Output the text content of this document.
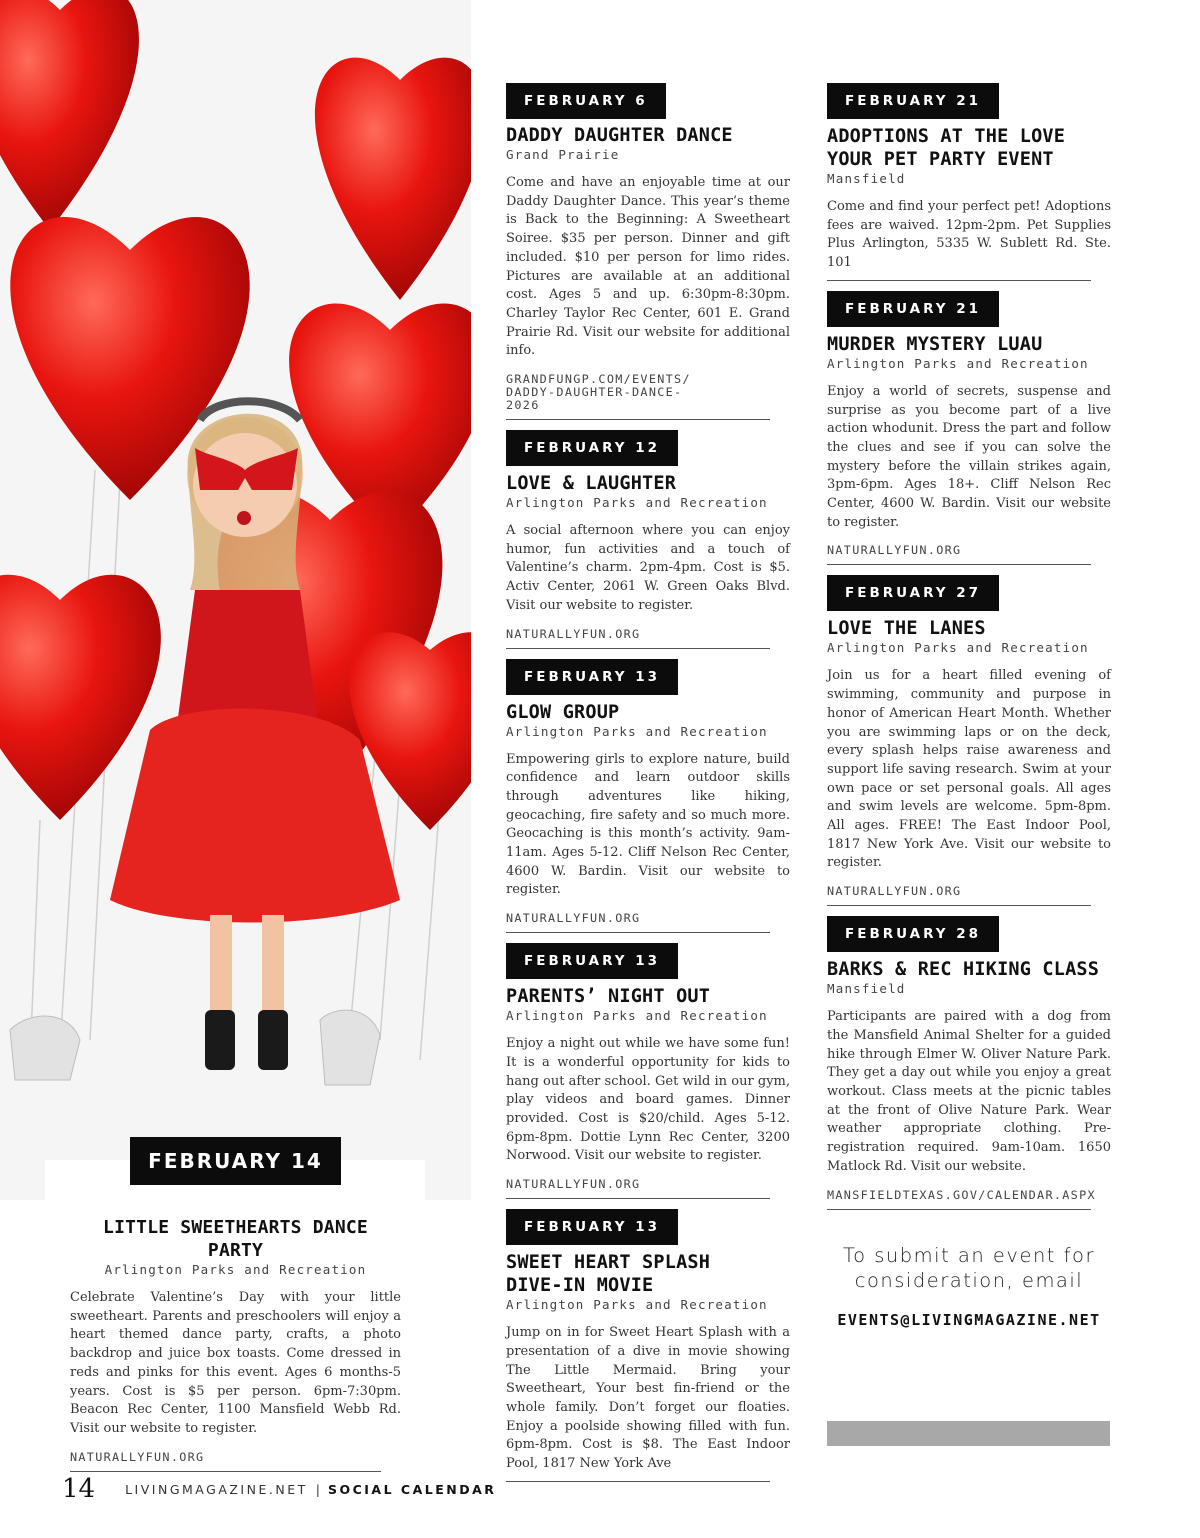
FEBRUARY 14
LITTLE SWEETHEARTS DANCE PARTY
Arlington Parks and Recreation
Celebrate Valentine’s Day with your little sweetheart. Parents and preschoolers will enjoy a heart themed dance party, crafts, a photo backdrop and juice box toasts. Come dressed in reds and pinks for this event. Ages 6 months-5 years. Cost is $5 per person. 6pm-7:30pm. Beacon Rec Center, 1100 Mansfield Webb Rd. Visit our website to register.
NATURALLYFUN.ORG
FEBRUARY 6
DADDY DAUGHTER DANCE
Grand Prairie
Come and have an enjoyable time at our Daddy Daughter Dance. This year’s theme is Back to the Beginning: A Sweetheart Soiree. $35 per person. Dinner and gift included. $10 per person for limo rides. Pictures are available at an additional cost. Ages 5 and up. 6:30pm-8:30pm. Charley Taylor Rec Center, 601 E. Grand Prairie Rd. Visit our website for additional info.
GRANDFUNGP.COM/EVENTS/ DADDY-DAUGHTER-DANCE-2026
FEBRUARY 12
LOVE & LAUGHTER
Arlington Parks and Recreation
A social afternoon where you can enjoy humor, fun activities and a touch of Valentine’s charm. 2pm-4pm. Cost is $5. Activ Center, 2061 W. Green Oaks Blvd. Visit our website to register.
NATURALLYFUN.ORG
FEBRUARY 13
GLOW GROUP
Arlington Parks and Recreation
Empowering girls to explore nature, build confidence and learn outdoor skills through adventures like hiking, geocaching, fire safety and so much more. Geocaching is this month’s activity. 9am-11am. Ages 5-12. Cliff Nelson Rec Center, 4600 W. Bardin. Visit our website to register.
NATURALLYFUN.ORG
FEBRUARY 13
PARENTS’ NIGHT OUT
Arlington Parks and Recreation
Enjoy a night out while we have some fun! It is a wonderful opportunity for kids to hang out after school. Get wild in our gym, play videos and board games. Dinner provided. Cost is $20/child. Ages 5-12. 6pm-8pm. Dottie Lynn Rec Center, 3200 Norwood. Visit our website to register.
NATURALLYFUN.ORG
FEBRUARY 13
SWEET HEART SPLASH DIVE-IN MOVIE
Arlington Parks and Recreation
Jump on in for Sweet Heart Splash with a presentation of a dive in movie showing The Little Mermaid. Bring your Sweetheart, Your best fin-friend or the whole family. Don’t forget our floaties. Enjoy a poolside showing filled with fun. 6pm-8pm. Cost is $8. The East Indoor Pool, 1817 New York Ave
FEBRUARY 21
ADOPTIONS AT THE LOVE YOUR PET PARTY EVENT
Mansfield
Come and find your perfect pet! Adoptions fees are waived. 12pm-2pm. Pet Supplies Plus Arlington, 5335 W. Sublett Rd. Ste. 101
FEBRUARY 21
MURDER MYSTERY LUAU
Arlington Parks and Recreation
Enjoy a world of secrets, suspense and surprise as you become part of a live action whodunit. Dress the part and follow the clues and see if you can solve the mystery before the villain strikes again, 3pm-6pm. Ages 18+. Cliff Nelson Rec Center, 4600 W. Bardin. Visit our website to register.
NATURALLYFUN.ORG
FEBRUARY 27
LOVE THE LANES
Arlington Parks and Recreation
Join us for a heart filled evening of swimming, community and purpose in honor of American Heart Month. Whether you are swimming laps or on the deck, every splash helps raise awareness and support life saving research. Swim at your own pace or set personal goals. All ages and swim levels are welcome. 5pm-8pm. All ages. FREE! The East Indoor Pool, 1817 New York Ave. Visit our website to register.
NATURALLYFUN.ORG
FEBRUARY 28
BARKS & REC HIKING CLASS
Mansfield
Participants are paired with a dog from the Mansfield Animal Shelter for a guided hike through Elmer W. Oliver Nature Park. They get a day out while you enjoy a great workout. Class meets at the picnic tables at the front of Olive Nature Park. Wear weather appropriate clothing. Pre-registration required. 9am-10am. 1650 Matlock Rd. Visit our website.
MANSFIELDTEXAS.GOV/CALENDAR.ASPX
To submit an event for consideration, email
EVENTS@LIVINGMAGAZINE.NET
14 LIVINGMAGAZINE.NET | SOCIAL CALENDAR
